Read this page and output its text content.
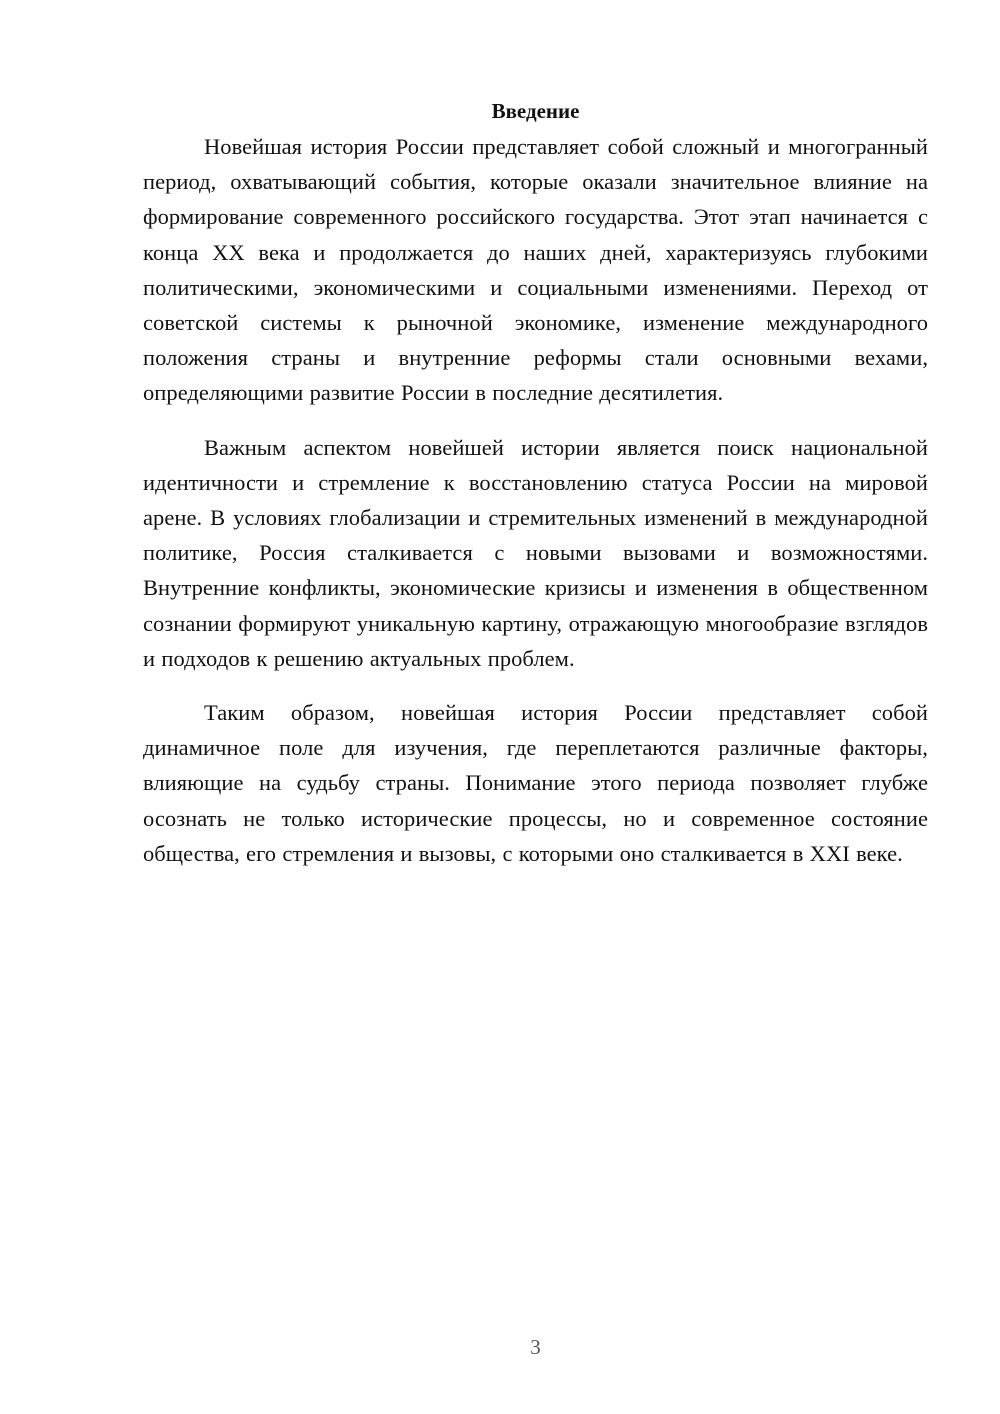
Введение

Новейшая история России представляет собой сложный и многогранный период, охватывающий события, которые оказали значительное влияние на формирование современного российского государства. Этот этап начинается с конца XX века и продолжается до наших дней, характеризуясь глубокими политическими, экономическими и социальными изменениями. Переход от советской системы к рыночной экономике, изменение международного положения страны и внутренние реформы стали основными вехами, определяющими развитие России в последние десятилетия.

Важным аспектом новейшей истории является поиск национальной идентичности и стремление к восстановлению статуса России на мировой арене. В условиях глобализации и стремительных изменений в международной политике, Россия сталкивается с новыми вызовами и возможностями. Внутренние конфликты, экономические кризисы и изменения в общественном сознании формируют уникальную картину, отражающую многообразие взглядов и подходов к решению актуальных проблем.

Таким образом, новейшая история России представляет собой динамичное поле для изучения, где переплетаются различные факторы, влияющие на судьбу страны. Понимание этого периода позволяет глубже осознать не только исторические процессы, но и современное состояние общества, его стремления и вызовы, с которыми оно сталкивается в XXI веке.

3
